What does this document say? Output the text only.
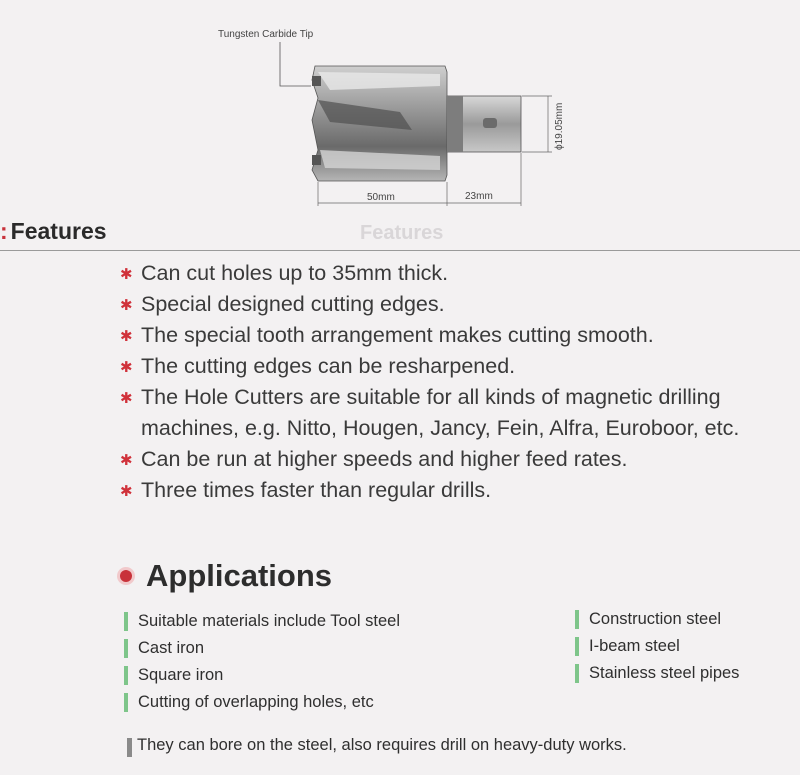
Features
Tungsten Carbide Tip
50mm	23mm
ϕ19.05mm
: Features
✱ Can cut holes up to 35mm thick.
✱ Special designed cutting edges.
✱ The special tooth arrangement makes cutting smooth.
✱ The cutting edges can be resharpened.
✱ The Hole Cutters are suitable for all kinds of magnetic drilling machines, e.g. Nitto, Hougen, Jancy, Fein, Alfra, Euroboor, etc.
✱ Can be run at higher speeds and higher feed rates.
✱ Three times faster than regular drills.
Applications
Suitable materials include Tool steel
Cast iron
Square iron
Cutting of overlapping holes, etc
Construction steel
I-beam steel
Stainless steel pipes
They can bore on the steel, also requires drill on heavy-duty works.
